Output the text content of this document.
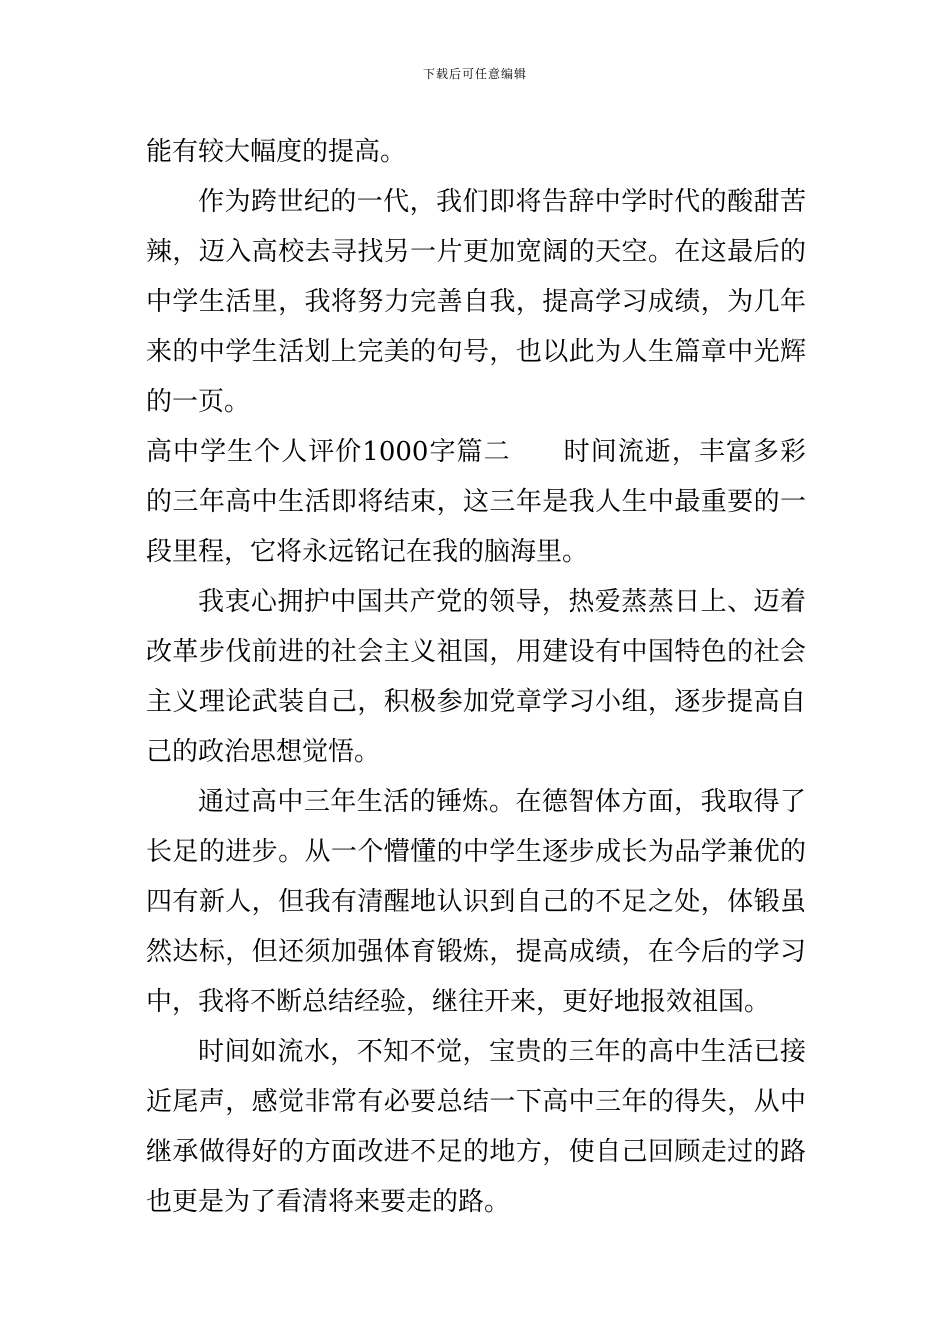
下载后可任意编辑

能有较大幅度的提高。

作为跨世纪的一代，我们即将告辞中学时代的酸甜苦辣，迈入高校去寻找另一片更加宽阔的天空。在这最后的中学生活里，我将努力完善自我，提高学习成绩，为几年来的中学生活划上完美的句号，也以此为人生篇章中光辉的一页。

高中学生个人评价1000字篇二 时间流逝，丰富多彩的三年高中生活即将结束，这三年是我人生中最重要的一段里程，它将永远铭记在我的脑海里。

我衷心拥护中国共产党的领导，热爱蒸蒸日上、迈着改革步伐前进的社会主义祖国，用建设有中国特色的社会主义理论武装自己，积极参加党章学习小组，逐步提高自己的政治思想觉悟。

通过高中三年生活的锤炼。在德智体方面，我取得了长足的进步。从一个懵懂的中学生逐步成长为品学兼优的四有新人，但我有清醒地认识到自己的不足之处，体锻虽然达标，但还须加强体育锻炼，提高成绩，在今后的学习中，我将不断总结经验，继往开来，更好地报效祖国。

时间如流水，不知不觉，宝贵的三年的高中生活已接近尾声，感觉非常有必要总结一下高中三年的得失，从中继承做得好的方面改进不足的地方，使自己回顾走过的路也更是为了看清将来要走的路。
